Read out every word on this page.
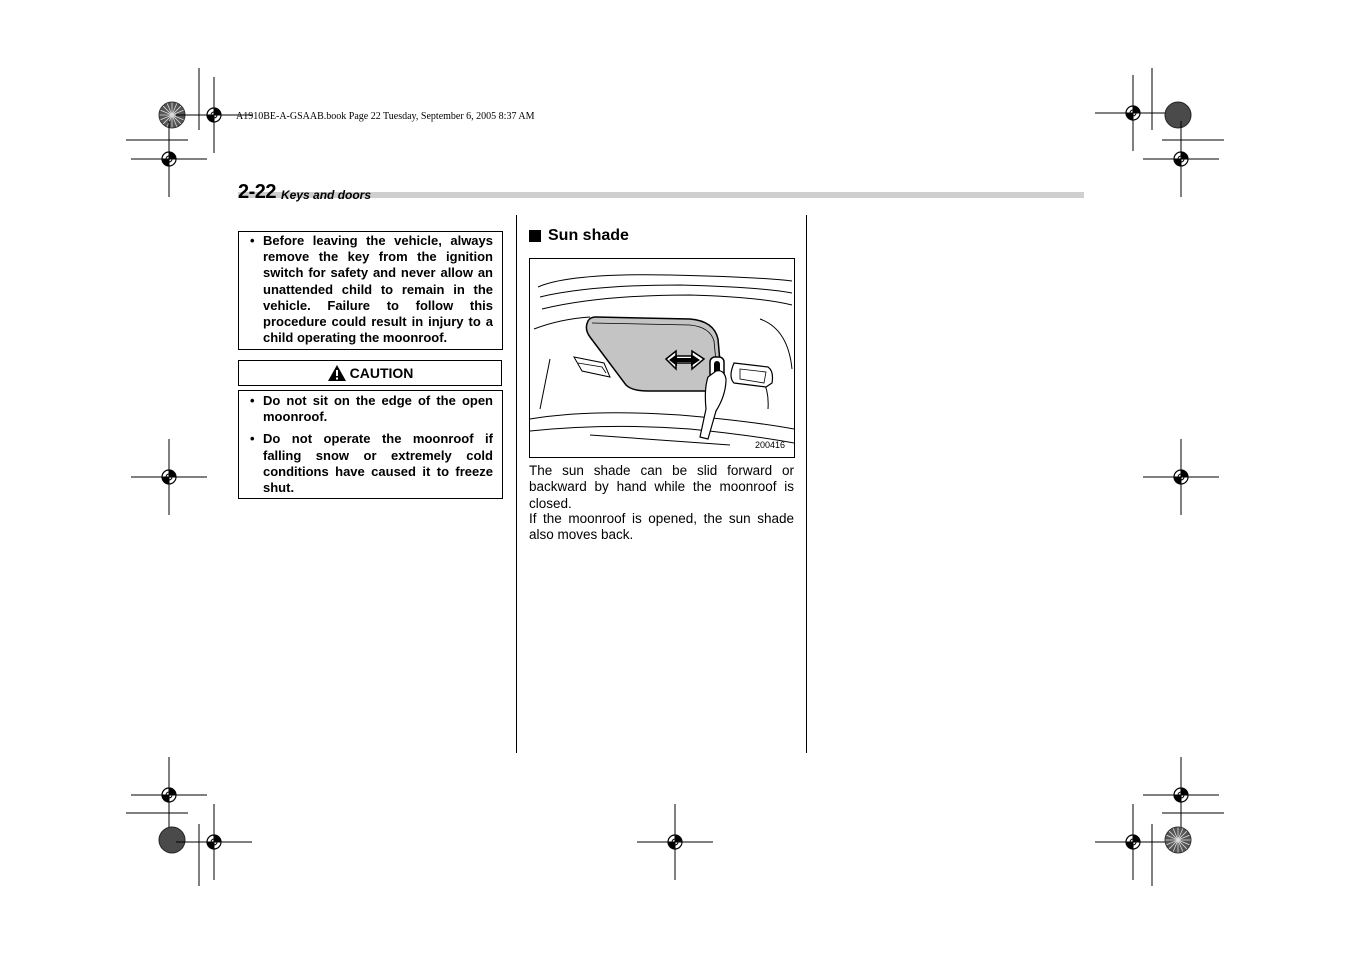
A1910BE-A-GSAAB.book Page 22 Tuesday, September 6, 2005 8:37 AM
2-22 Keys and doors
• Before leaving the vehicle, always remove the key from the ignition switch for safety and never allow an unattended child to remain in the vehicle. Failure to follow this procedure could result in injury to a child operating the moonroof.
CAUTION
• Do not sit on the edge of the open moonroof.
• Do not operate the moonroof if falling snow or extremely cold conditions have caused it to freeze shut.
Sun shade
200416
The sun shade can be slid forward or backward by hand while the moonroof is closed.
If the moonroof is opened, the sun shade also moves back.
